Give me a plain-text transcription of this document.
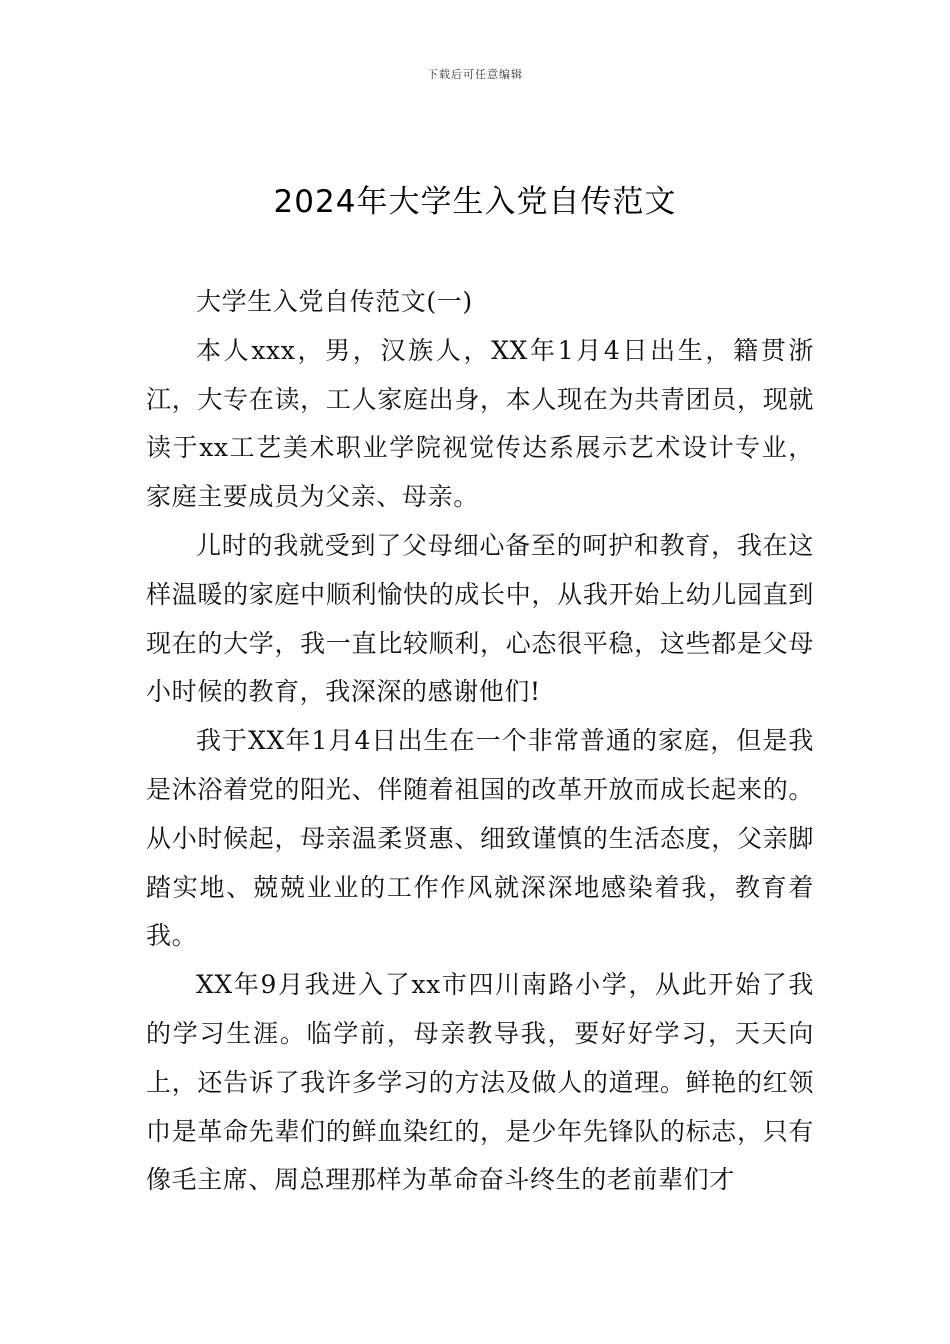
下载后可任意编辑
2024年大学生入党自传范文

大学生入党自传范文(一)

本人xxx，男，汉族人，XX年1月4日出生，籍贯浙江，大专在读，工人家庭出身，本人现在为共青团员，现就读于xx工艺美术职业学院视觉传达系展示艺术设计专业，家庭主要成员为父亲、母亲。

儿时的我就受到了父母细心备至的呵护和教育，我在这样温暖的家庭中顺利愉快的成长中，从我开始上幼儿园直到现在的大学，我一直比较顺利，心态很平稳，这些都是父母小时候的教育，我深深的感谢他们!

我于XX年1月4日出生在一个非常普通的家庭，但是我是沐浴着党的阳光、伴随着祖国的改革开放而成长起来的。从小时候起，母亲温柔贤惠、细致谨慎的生活态度，父亲脚踏实地、兢兢业业的工作作风就深深地感染着我，教育着我。

XX年9月我进入了xx市四川南路小学，从此开始了我的学习生涯。临学前，母亲教导我，要好好学习，天天向上，还告诉了我许多学习的方法及做人的道理。鲜艳的红领巾是革命先辈们的鲜血染红的，是少年先锋队的标志，只有像毛主席、周总理那样为革命奋斗终生的老前辈们才
